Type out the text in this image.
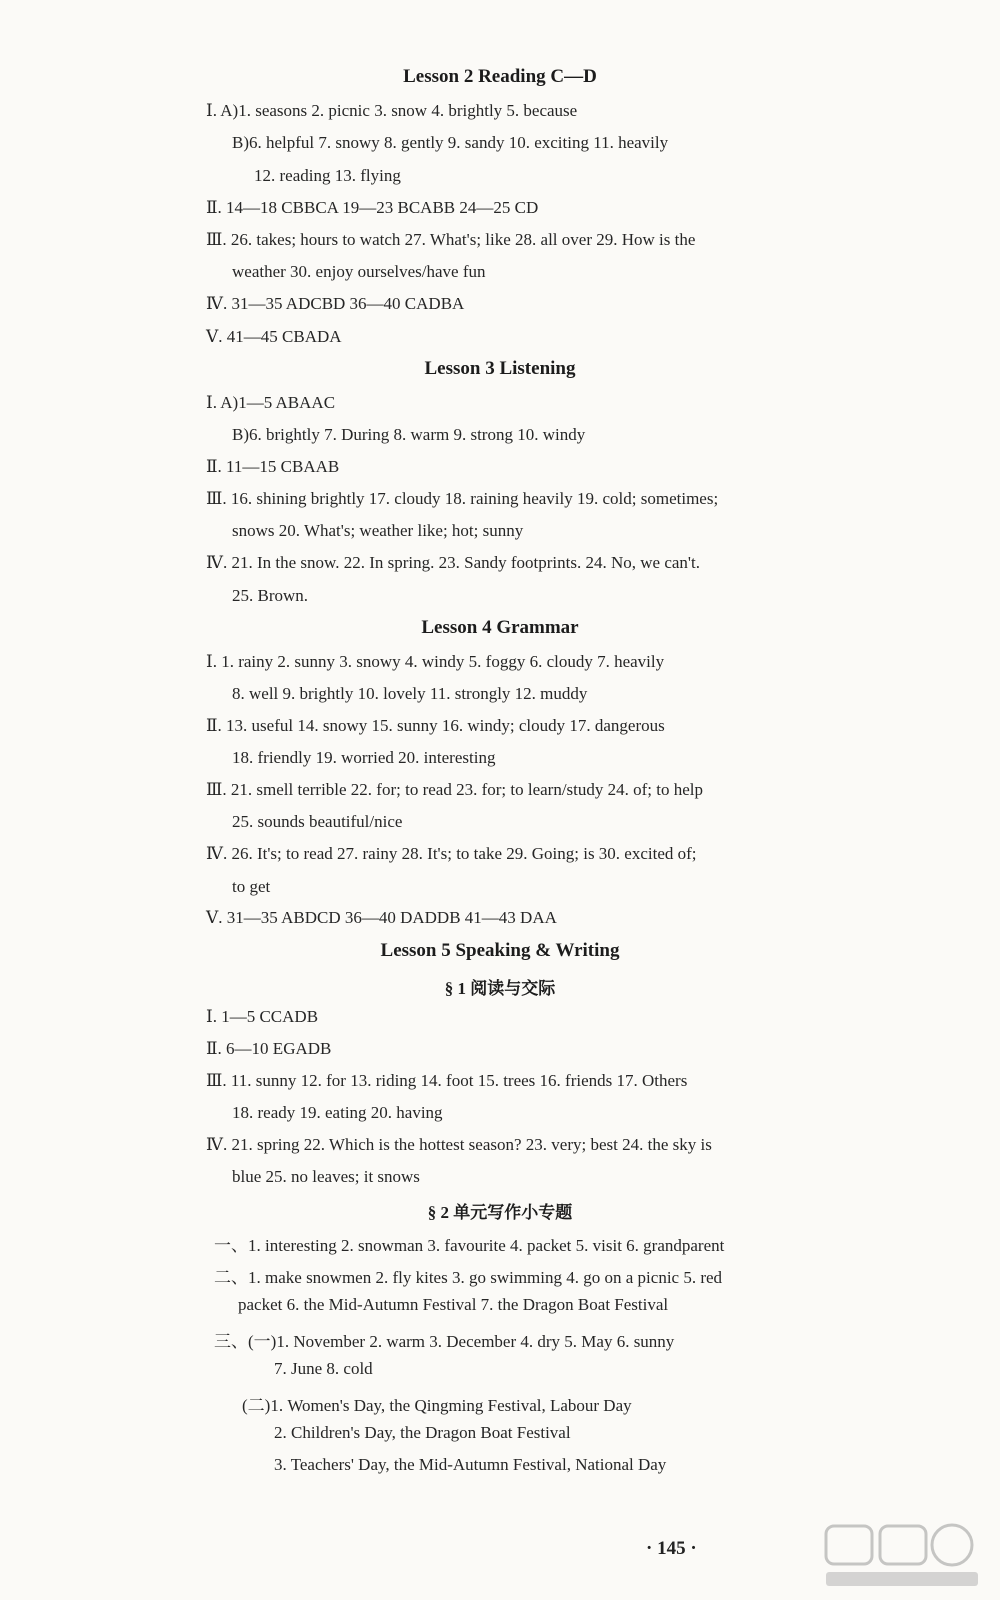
Lesson 2 Reading C—D
Ⅰ. A)1. seasons 2. picnic 3. snow 4. brightly 5. because
B)6. helpful 7. snowy 8. gently 9. sandy 10. exciting 11. heavily
12. reading 13. flying
Ⅱ. 14—18 CBBCA 19—23 BCABB 24—25 CD
Ⅲ. 26. takes; hours to watch 27. What's; like 28. all over 29. How is the
weather 30. enjoy ourselves/have fun
Ⅳ. 31—35 ADCBD 36—40 CADBA
Ⅴ. 41—45 CBADA
Lesson 3 Listening
Ⅰ. A)1—5 ABAAC
B)6. brightly 7. During 8. warm 9. strong 10. windy
Ⅱ. 11—15 CBAAB
Ⅲ. 16. shining brightly 17. cloudy 18. raining heavily 19. cold; sometimes;
snows 20. What's; weather like; hot; sunny
Ⅳ. 21. In the snow. 22. In spring. 23. Sandy footprints. 24. No, we can't.
25. Brown.
Lesson 4 Grammar
Ⅰ. 1. rainy 2. sunny 3. snowy 4. windy 5. foggy 6. cloudy 7. heavily
8. well 9. brightly 10. lovely 11. strongly 12. muddy
Ⅱ. 13. useful 14. snowy 15. sunny 16. windy; cloudy 17. dangerous
18. friendly 19. worried 20. interesting
Ⅲ. 21. smell terrible 22. for; to read 23. for; to learn/study 24. of; to help
25. sounds beautiful/nice
Ⅳ. 26. It's; to read 27. rainy 28. It's; to take 29. Going; is 30. excited of;
to get
Ⅴ. 31—35 ABDCD 36—40 DADDB 41—43 DAA
Lesson 5 Speaking & Writing
§ 1 阅读与交际
Ⅰ. 1—5 CCADB
Ⅱ. 6—10 EGADB
Ⅲ. 11. sunny 12. for 13. riding 14. foot 15. trees 16. friends 17. Others
18. ready 19. eating 20. having
Ⅳ. 21. spring 22. Which is the hottest season? 23. very; best 24. the sky is
blue 25. no leaves; it snows
§ 2 单元写作小专题
一、1. interesting 2. snowman 3. favourite 4. packet 5. visit 6. grandparent
二、1. make snowmen 2. fly kites 3. go swimming 4. go on a picnic 5. red
packet 6. the Mid-Autumn Festival 7. the Dragon Boat Festival
三、(一)1. November 2. warm 3. December 4. dry 5. May 6. sunny
7. June 8. cold
(二)1. Women's Day, the Qingming Festival, Labour Day
2. Children's Day, the Dragon Boat Festival
3. Teachers' Day, the Mid-Autumn Festival, National Day
· 145 ·
